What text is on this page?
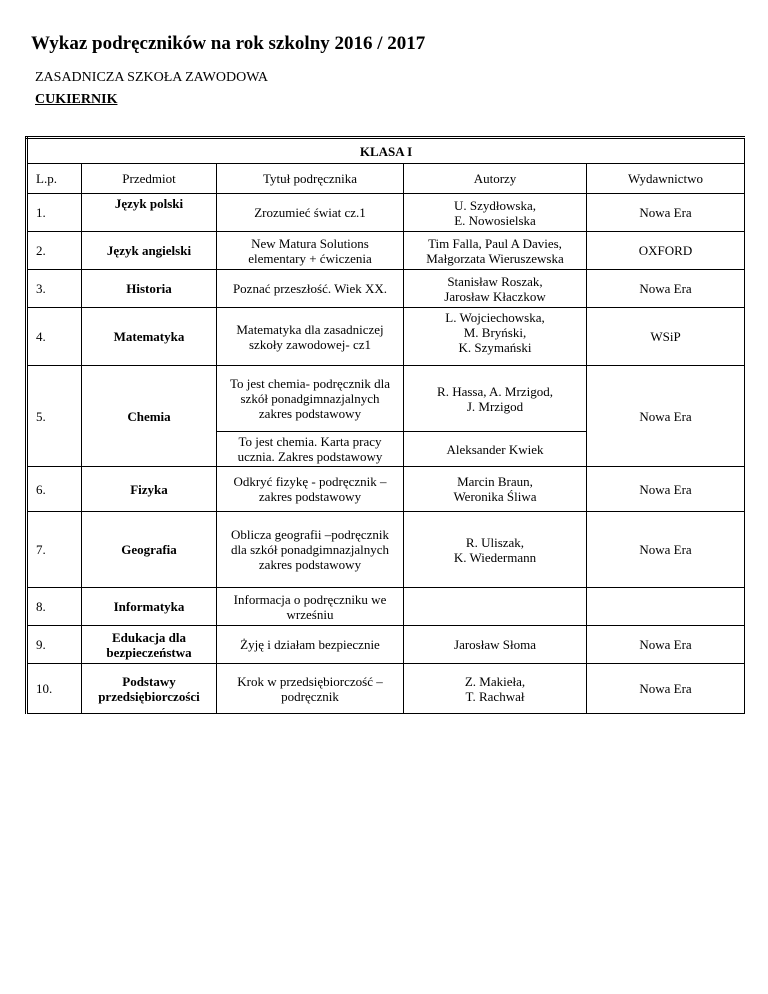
Wykaz podręczników na rok szkolny 2016 / 2017
ZASADNICZA SZKOŁA ZAWODOWA
CUKIERNIK
KLASA I				
L.p.	Przedmiot	Tytuł podręcznika	Autorzy	Wydawnictwo
1.	Język polski	Zrozumieć świat cz.1	U. Szydłowska,
E. Nowosielska	Nowa Era
2.	Język angielski	New Matura Solutions
elementary + ćwiczenia	Tim Falla, Paul A Davies,
Małgorzata Wieruszewska	OXFORD
3.	Historia	Poznać przeszłość. Wiek XX.	Stanisław Roszak,
Jarosław Kłaczkow	Nowa Era
4.	Matematyka	Matematyka dla zasadniczej
szkoły zawodowej- cz1	L. Wojciechowska,
M. Bryński,
K. Szymański	WSiP
5.	Chemia	To jest chemia- podręcznik dla
szkół ponadgimnazjalnych
zakres podstawowy	R. Hassa, A. Mrzigod,
J. Mrzigod	Nowa Era
		To jest chemia. Karta pracy
ucznia. Zakres podstawowy	Aleksander Kwiek	
6.	Fizyka	Odkryć fizykę - podręcznik –
zakres podstawowy	Marcin Braun,
Weronika Śliwa	Nowa Era
7.	Geografia	Oblicza geografii –podręcznik
dla szkół ponadgimnazjalnych
zakres podstawowy	R. Uliszak,
K. Wiedermann	Nowa Era
8.	Informatyka	Informacja o podręczniku we
wrześniu		
9.	Edukacja dla
bezpieczeństwa	Żyję i działam bezpiecznie	Jarosław Słoma	Nowa Era
10.	Podstawy
przedsiębiorczości	Krok w przedsiębiorczość –
podręcznik	Z. Makieła,
T. Rachwał	Nowa Era
